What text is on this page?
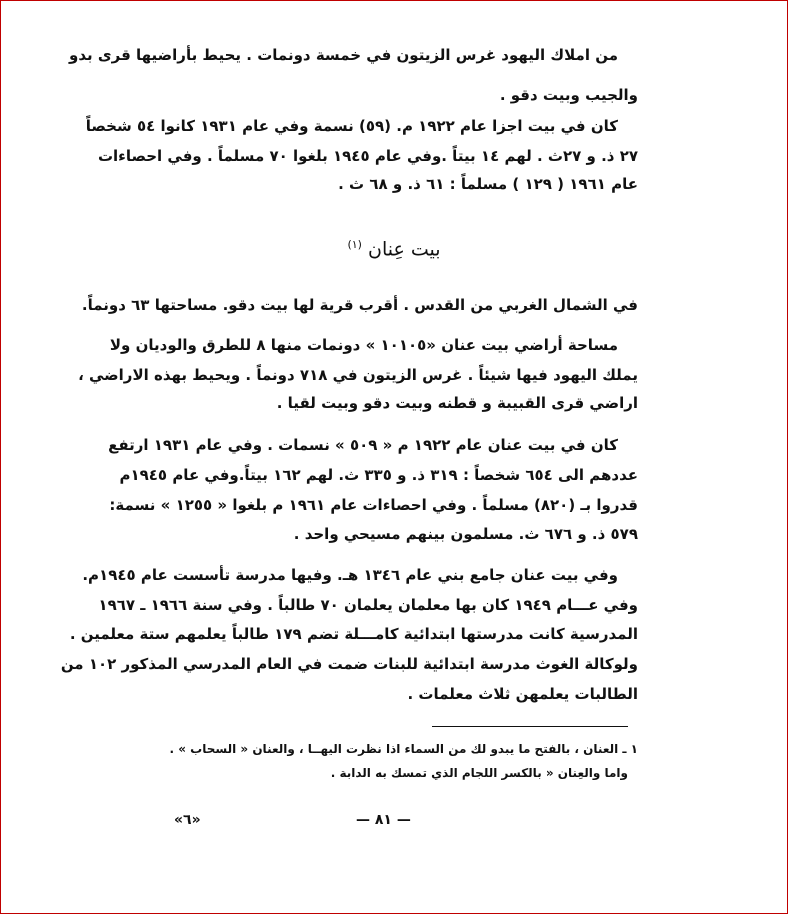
من املاك اليهود غرس الزيتون في خمسة دونمات . يحيط بأراضيها قرى بدو
والجيب وبيت دقو .
كان في بيت اجزا عام ١٩٢٢ م. (٥٩) نسمة وفي عام ١٩٣١ كانوا ٥٤ شخصاً
٢٧ ذ. و ٢٧ث . لهم ١٤ بيتاً .وفي عام ١٩٤٥ بلغوا ٧٠ مسلماً . وفي احصاءات
عام ١٩٦١ ( ١٢٩ ) مسلماً : ٦١ ذ. و ٦٨ ث .
بيت عِنان $^{(١)}$
في الشمال الغربي من القدس . أقرب قرية لها بيت دقو. مساحتها ٦٣ دونماً.
مساحة أراضي بيت عنان «١٠١٠٥ » دونمات منها ٨ للطرق والوديان ولا
يملك اليهود فيها شيئاً . غرس الزيتون في ٧١٨ دونماً . ويحيط بهذه الاراضي ،
اراضي قرى القبيبة و قطنه وبيت دقو وبيت لقيا .
كان في بيت عنان عام ١٩٢٢ م « ٥٠٩ » نسمات . وفي عام ١٩٣١ ارتفع
عددهم الى ٦٥٤ شخصاً : ٣١٩ ذ. و ٣٣٥ ث. لهم ١٦٢ بيتاً.وفي عام ١٩٤٥م
قدروا بـ (٨٢٠) مسلماً . وفي احصاءات عام ١٩٦١ م بلغوا « ١٢٥٥ » نسمة:
٥٧٩ ذ. و ٦٧٦ ث. مسلمون بينهم مسيحي واحد .
وفي بيت عنان جامع بني عام ١٣٤٦ هـ. وفيها مدرسة تأسست عام ١٩٤٥م.
وفي عـــام ١٩٤٩ كان بها معلمان يعلمان ٧٠ طالباً . وفي سنة ١٩٦٦ ـ ١٩٦٧
المدرسية كانت مدرستها ابتدائية كامـــلة تضم ١٧٩ طالباً يعلمهم ستة معلمين .
ولوكالة الغوث مدرسة ابتدائية للبنات ضمت في العام المدرسي المذكور ١٠٢ من
الطالبات يعلمهن ثلاث معلمات .
١ ـ العنان ، بالفتح ما يبدو لك من السماء اذا نظرت اليهــا ، والعنان « السحاب » .
واما والعِنان « بالكسر اللجام الذي تمسك به الدابة .
— ٨١ —
«٦»
